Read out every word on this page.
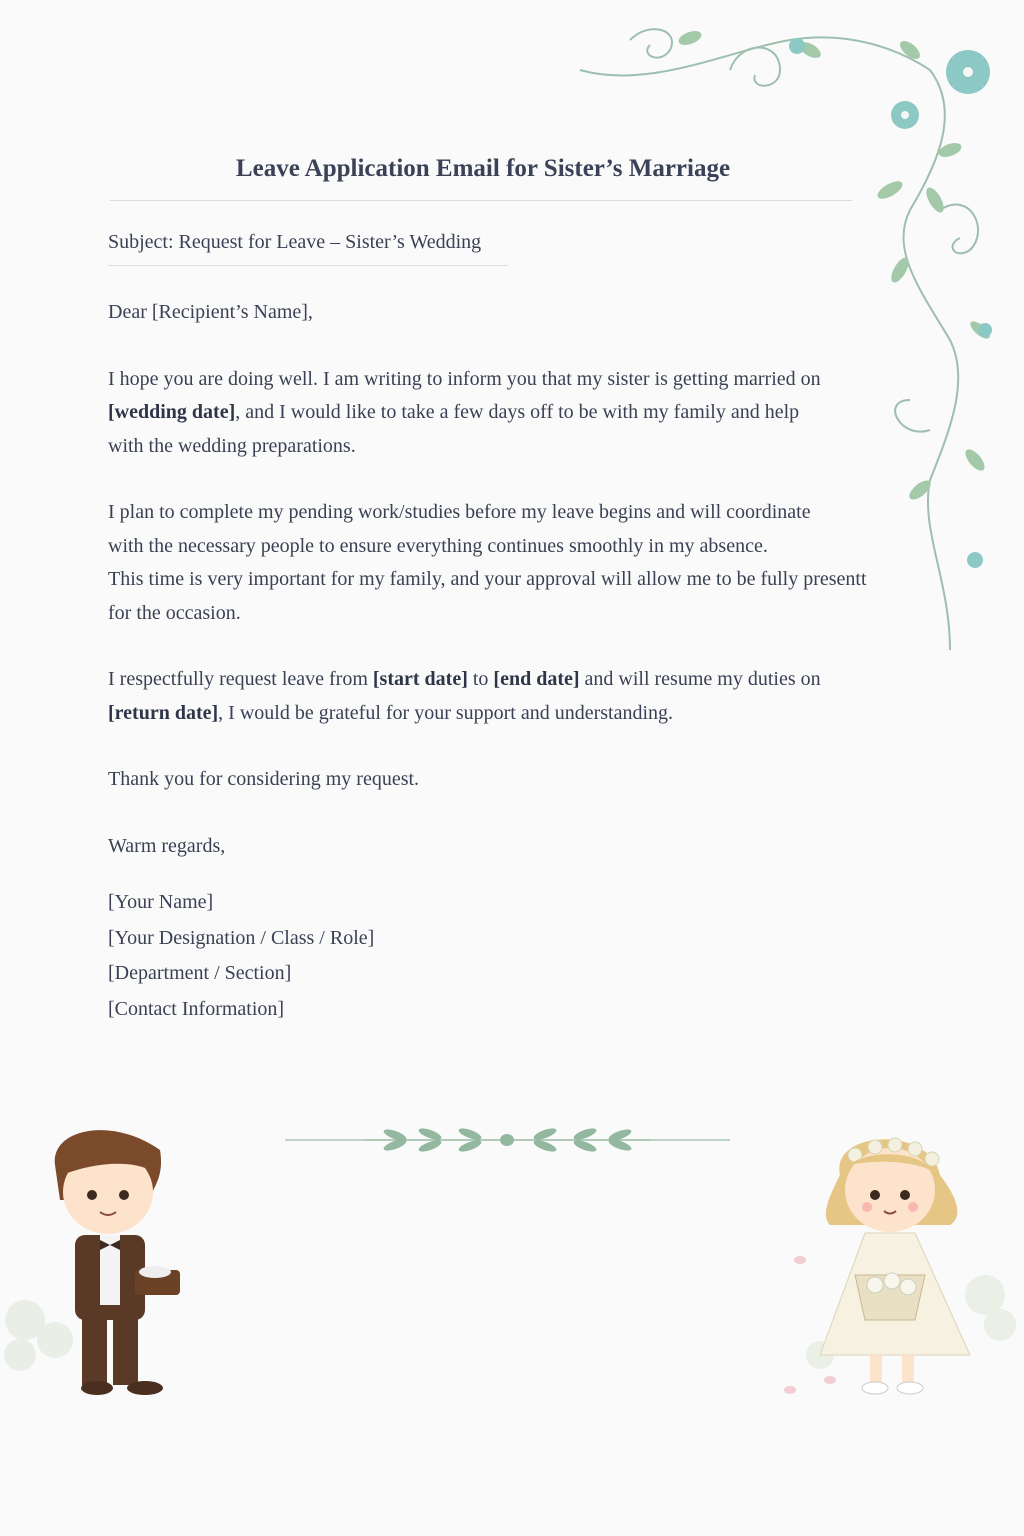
Leave Application Email for Sister’s Marriage
Subject: Request for Leave – Sister’s Wedding
Dear [Recipient’s Name],
I hope you are doing well. I am writing to inform you that my sister is getting married on
[wedding date], and I would like to take a few days off to be with my family and help
with the wedding preparations.
I plan to complete my pending work/studies before my leave begins and will coordinate
with the necessary people to ensure everything continues smoothly in my absence.
This time is very important for my family, and your approval will allow me to be fully presentt
for the occasion.
I respectfully request leave from [start date] to [end date] and will resume my duties on
[return date], I would be grateful for your support and understanding.
Thank you for considering my request.
Warm regards,
[Your Name]
[Your Designation / Class / Role]
[Department / Section]
[Contact Information]
